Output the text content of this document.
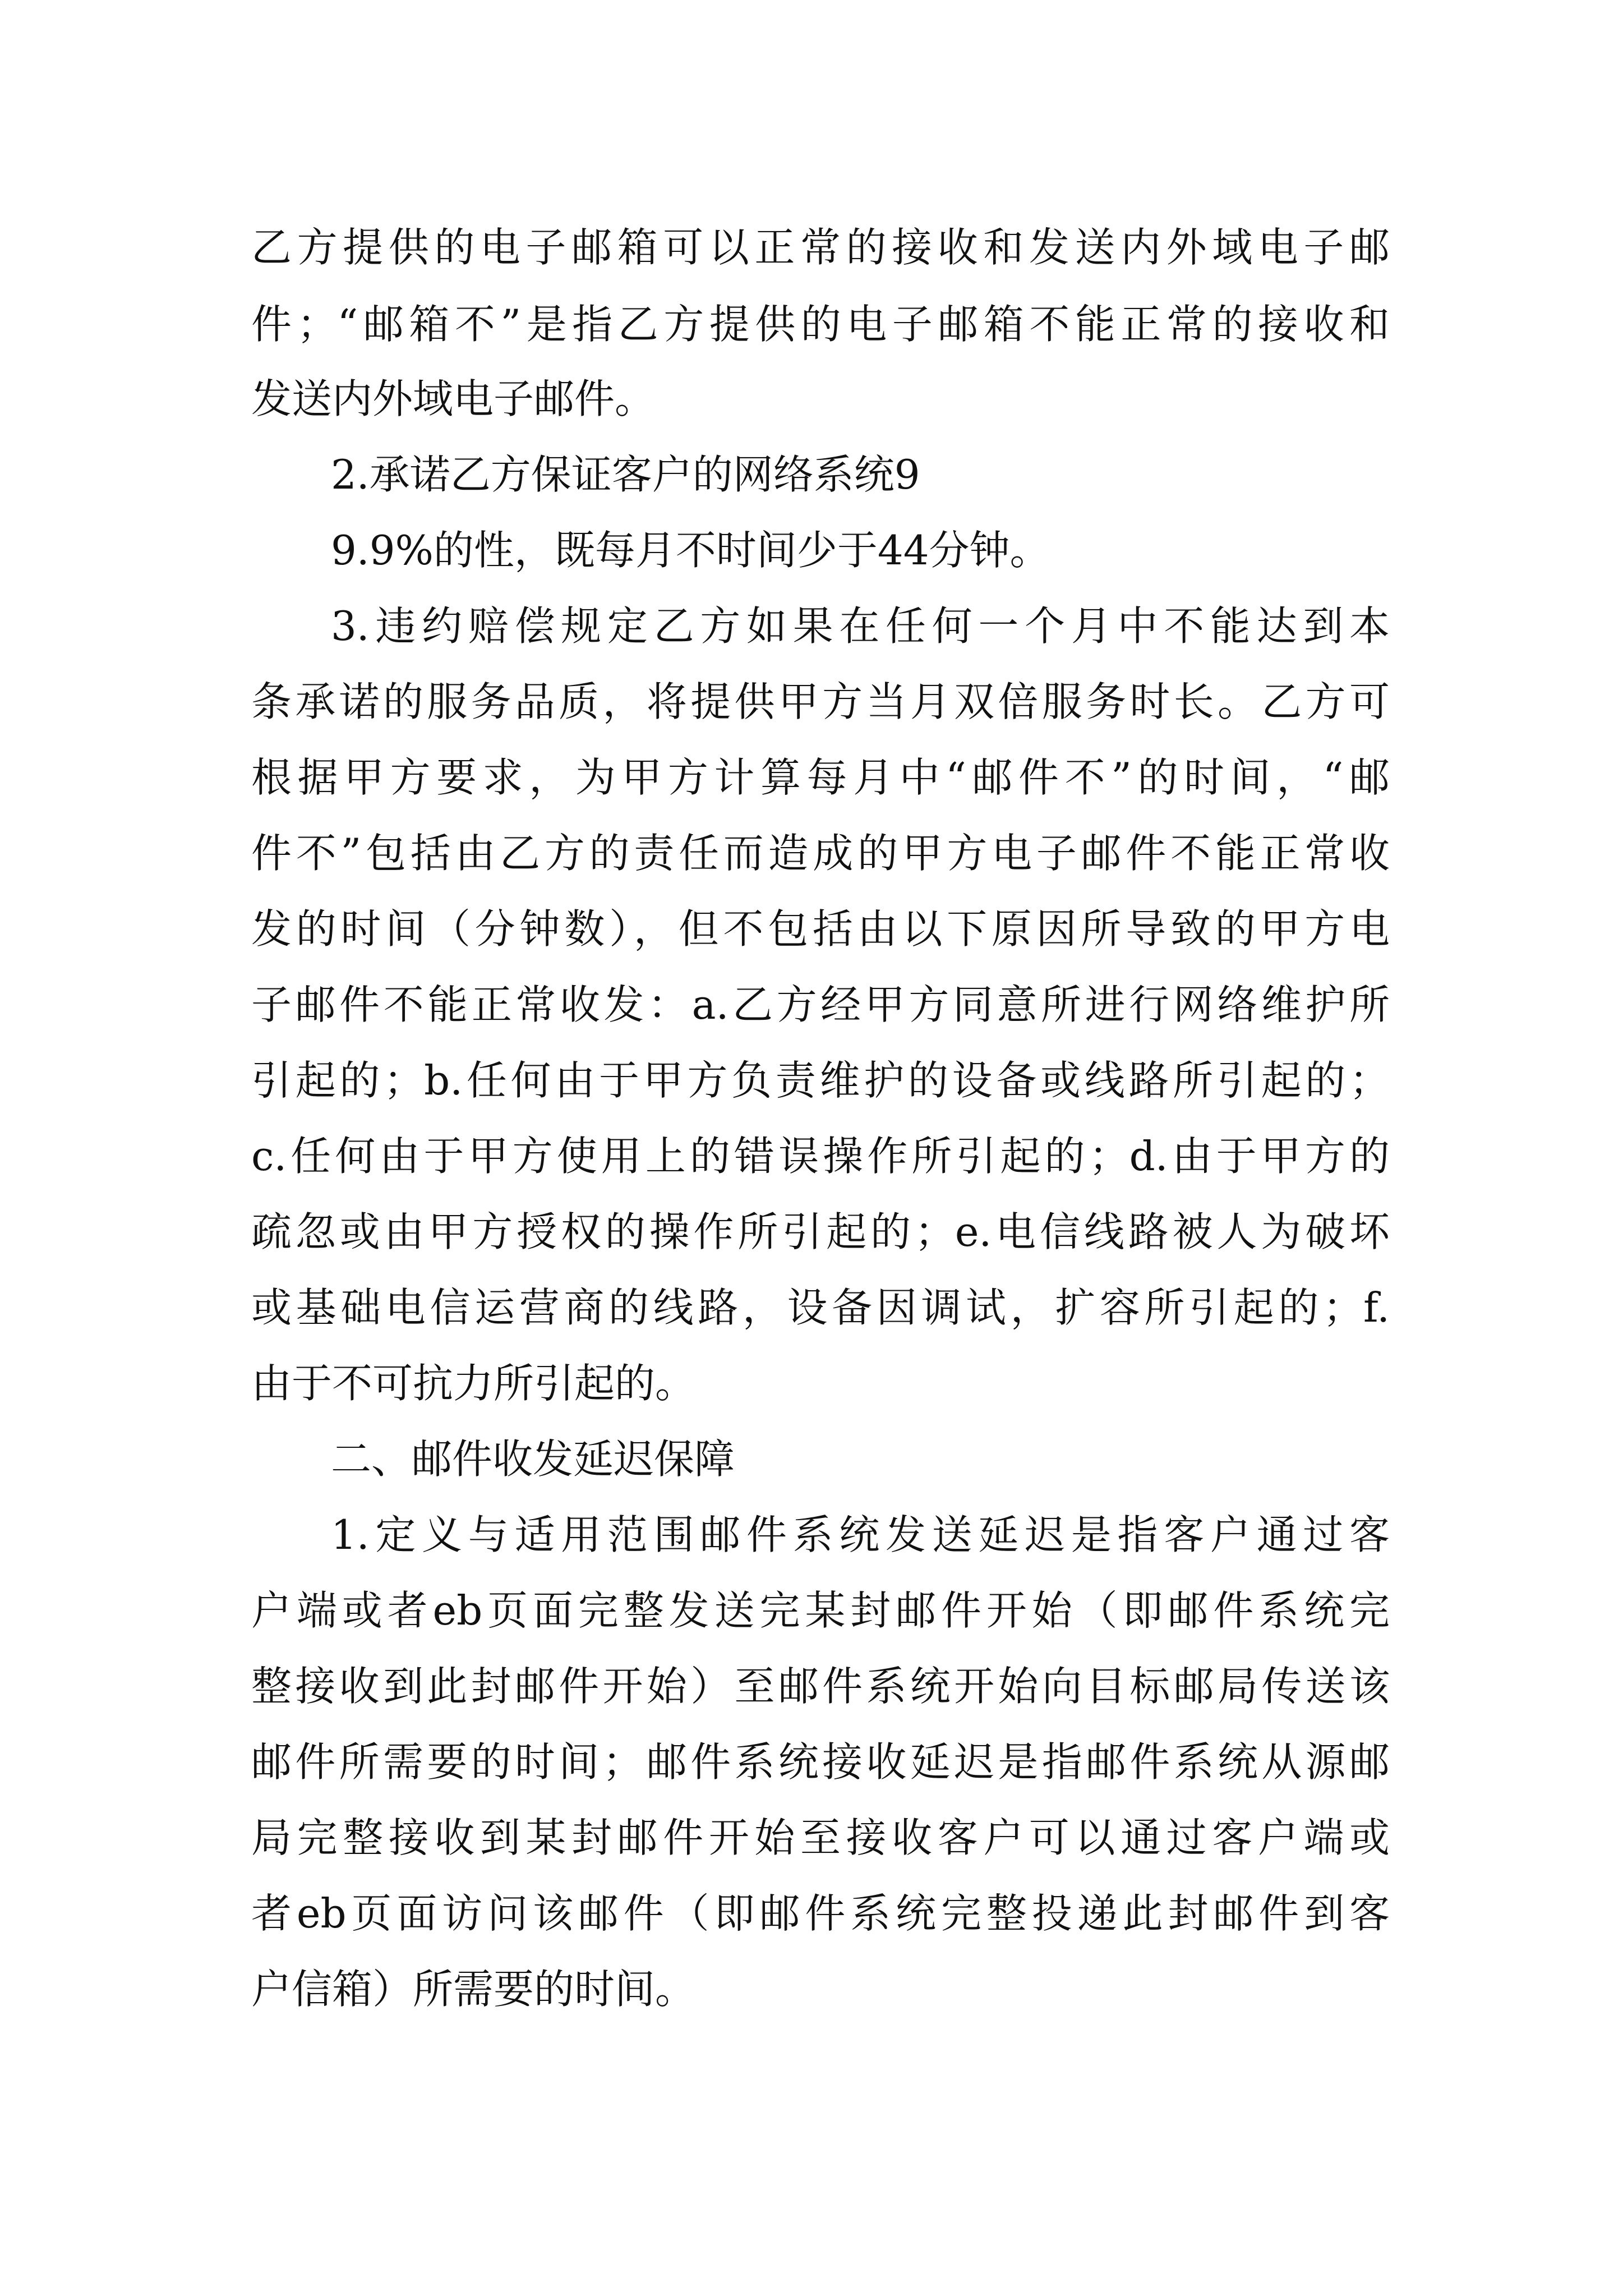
乙方提供的电子邮箱可以正常的接收和发送内外域电子邮
件；“邮箱不”是指乙方提供的电子邮箱不能正常的接收和
发送内外域电子邮件。
2.承诺乙方保证客户的网络系统9
9.9%的性，既每月不时间少于44分钟。
3.违约赔偿规定乙方如果在任何一个月中不能达到本
条承诺的服务品质，将提供甲方当月双倍服务时长。乙方可
根据甲方要求，为甲方计算每月中“邮件不”的时间，“邮
件不”包括由乙方的责任而造成的甲方电子邮件不能正常收
发的时间（分钟数），但不包括由以下原因所导致的甲方电
子邮件不能正常收发：a.乙方经甲方同意所进行网络维护所
引起的；b.任何由于甲方负责维护的设备或线路所引起的；
c.任何由于甲方使用上的错误操作所引起的；d.由于甲方的
疏忽或由甲方授权的操作所引起的；e.电信线路被人为破坏
或基础电信运营商的线路，设备因调试，扩容所引起的；f.
由于不可抗力所引起的。
二、邮件收发延迟保障
1.定义与适用范围邮件系统发送延迟是指客户通过客
户端或者eb页面完整发送完某封邮件开始（即邮件系统完
整接收到此封邮件开始）至邮件系统开始向目标邮局传送该
邮件所需要的时间；邮件系统接收延迟是指邮件系统从源邮
局完整接收到某封邮件开始至接收客户可以通过客户端或
者eb页面访问该邮件（即邮件系统完整投递此封邮件到客
户信箱）所需要的时间。
